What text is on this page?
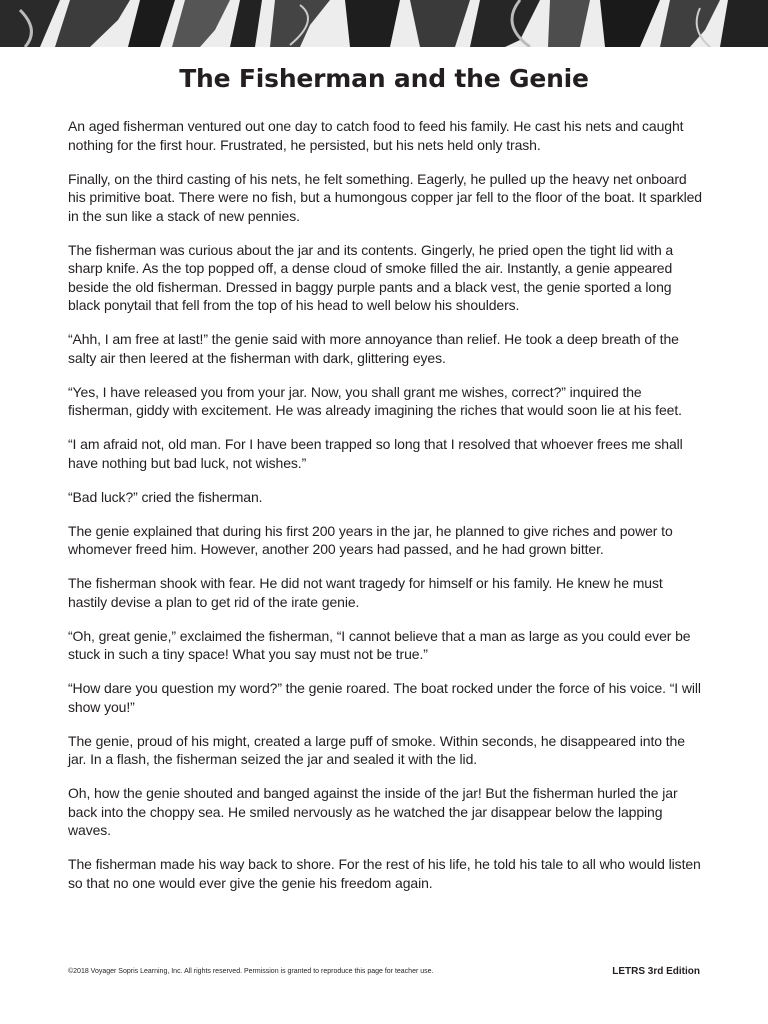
The Fisherman and the Genie

An aged fisherman ventured out one day to catch food to feed his family. He cast his nets and caught nothing for the first hour. Frustrated, he persisted, but his nets held only trash.

Finally, on the third casting of his nets, he felt something. Eagerly, he pulled up the heavy net onboard his primitive boat. There were no fish, but a humongous copper jar fell to the floor of the boat. It sparkled in the sun like a stack of new pennies.

The fisherman was curious about the jar and its contents. Gingerly, he pried open the tight lid with a sharp knife. As the top popped off, a dense cloud of smoke filled the air. Instantly, a genie appeared beside the old fisherman. Dressed in baggy purple pants and a black vest, the genie sported a long black ponytail that fell from the top of his head to well below his shoulders.

“Ahh, I am free at last!” the genie said with more annoyance than relief. He took a deep breath of the salty air then leered at the fisherman with dark, glittering eyes.

“Yes, I have released you from your jar. Now, you shall grant me wishes, correct?” inquired the fisherman, giddy with excitement. He was already imagining the riches that would soon lie at his feet.

“I am afraid not, old man. For I have been trapped so long that I resolved that whoever frees me shall have nothing but bad luck, not wishes.”

“Bad luck?” cried the fisherman.

The genie explained that during his first 200 years in the jar, he planned to give riches and power to whomever freed him. However, another 200 years had passed, and he had grown bitter.

The fisherman shook with fear. He did not want tragedy for himself or his family. He knew he must hastily devise a plan to get rid of the irate genie.

“Oh, great genie,” exclaimed the fisherman, “I cannot believe that a man as large as you could ever be stuck in such a tiny space! What you say must not be true.”

“How dare you question my word?” the genie roared. The boat rocked under the force of his voice. “I will show you!”

The genie, proud of his might, created a large puff of smoke. Within seconds, he disappeared into the jar. In a flash, the fisherman seized the jar and sealed it with the lid.

Oh, how the genie shouted and banged against the inside of the jar! But the fisherman hurled the jar back into the choppy sea. He smiled nervously as he watched the jar disappear below the lapping waves.

The fisherman made his way back to shore. For the rest of his life, he told his tale to all who would listen so that no one would ever give the genie his freedom again.

©2018 Voyager Sopris Learning, Inc. All rights reserved. Permission is granted to reproduce this page for teacher use.	LETRS 3rd Edition
